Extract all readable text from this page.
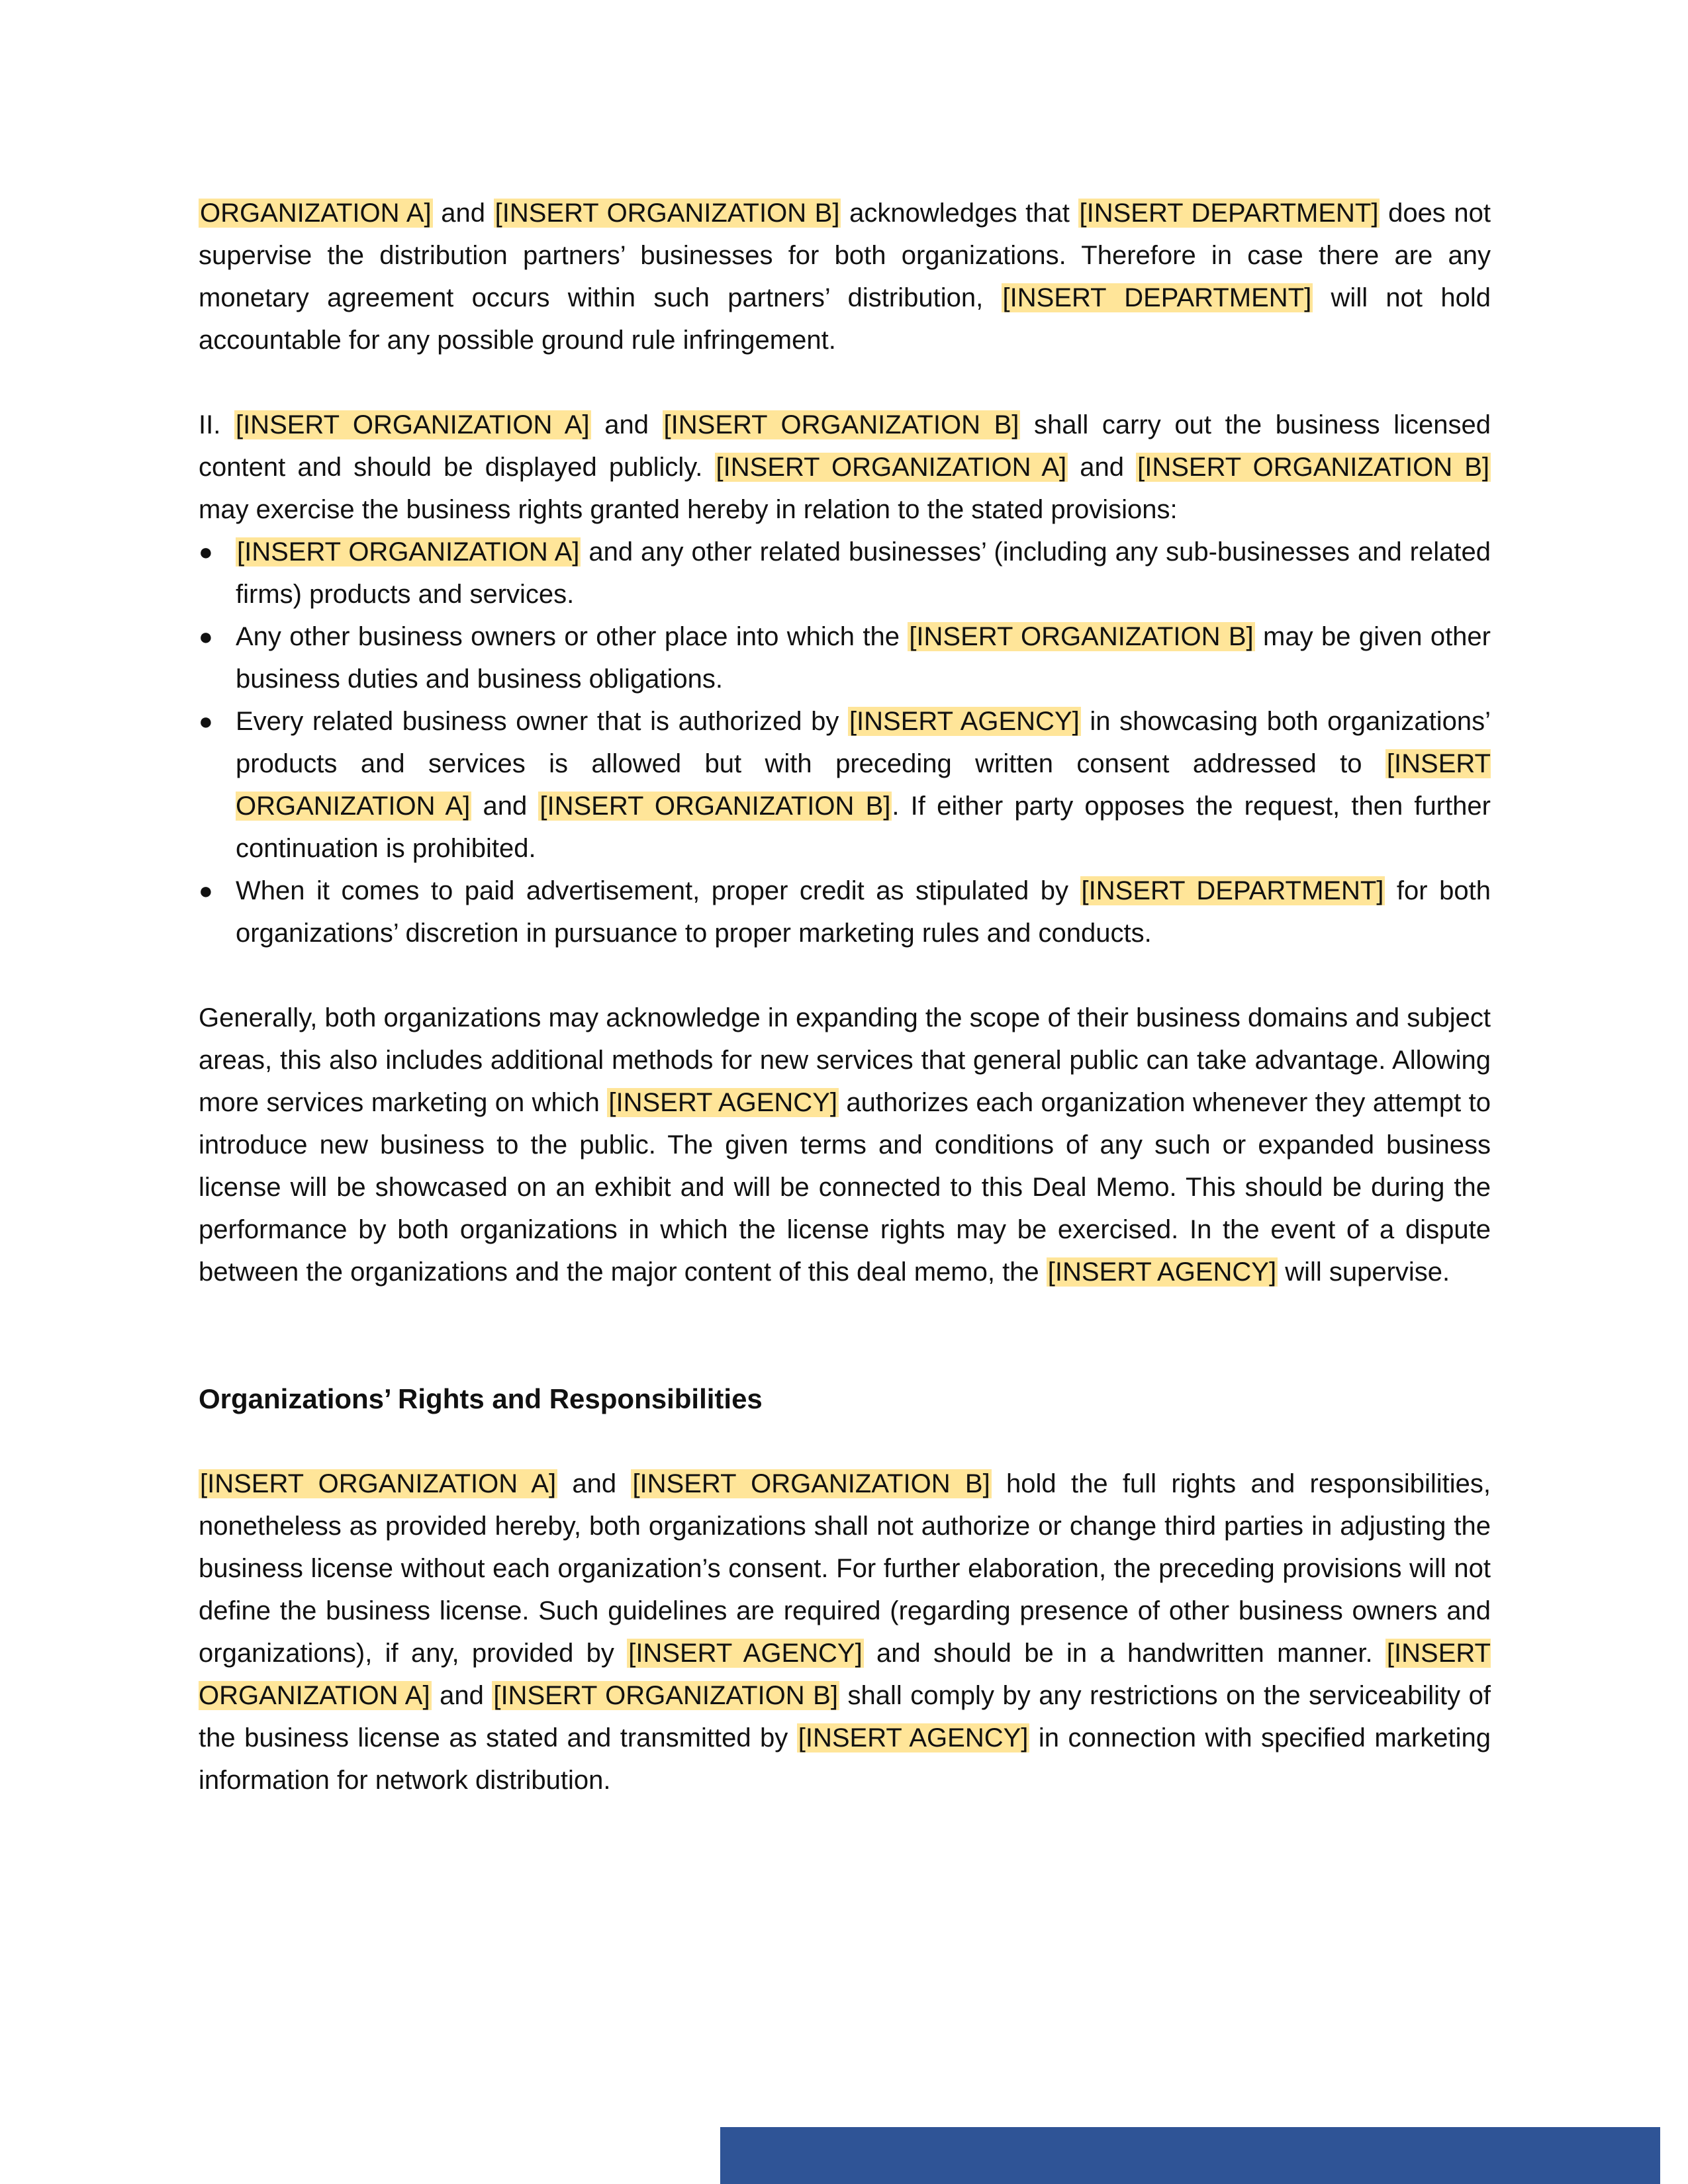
ORGANIZATION A] and [INSERT ORGANIZATION B] acknowledges that [INSERT DEPARTMENT] does not supervise the distribution partners’ businesses for both organizations. Therefore in case there are any monetary agreement occurs within such partners’ distribution, [INSERT DEPARTMENT] will not hold accountable for any possible ground rule infringement.

II. [INSERT ORGANIZATION A] and [INSERT ORGANIZATION B] shall carry out the business licensed content and should be displayed publicly. [INSERT ORGANIZATION A] and [INSERT ORGANIZATION B] may exercise the business rights granted hereby in relation to the stated provisions:

● [INSERT ORGANIZATION A] and any other related businesses’ (including any sub-businesses and related firms) products and services.
● Any other business owners or other place into which the [INSERT ORGANIZATION B] may be given other business duties and business obligations.
● Every related business owner that is authorized by [INSERT AGENCY] in showcasing both organizations’ products and services is allowed but with preceding written consent addressed to [INSERT ORGANIZATION A] and [INSERT ORGANIZATION B]. If either party opposes the request, then further continuation is prohibited.
● When it comes to paid advertisement, proper credit as stipulated by [INSERT DEPARTMENT] for both organizations’ discretion in pursuance to proper marketing rules and conducts.

Generally, both organizations may acknowledge in expanding the scope of their business domains and subject areas, this also includes additional methods for new services that general public can take advantage. Allowing more services marketing on which [INSERT AGENCY] authorizes each organization whenever they attempt to introduce new business to the public. The given terms and conditions of any such or expanded business license will be showcased on an exhibit and will be connected to this Deal Memo. This should be during the performance by both organizations in which the license rights may be exercised. In the event of a dispute between the organizations and the major content of this deal memo, the [INSERT AGENCY] will supervise.

Organizations’ Rights and Responsibilities

[INSERT ORGANIZATION A] and [INSERT ORGANIZATION B] hold the full rights and responsibilities, nonetheless as provided hereby, both organizations shall not authorize or change third parties in adjusting the business license without each organization’s consent. For further elaboration, the preceding provisions will not define the business license. Such guidelines are required (regarding presence of other business owners and organizations), if any, provided by [INSERT AGENCY] and should be in a handwritten manner. [INSERT ORGANIZATION A] and [INSERT ORGANIZATION B] shall comply by any restrictions on the serviceability of the business license as stated and transmitted by [INSERT AGENCY] in connection with specified marketing information for network distribution.
